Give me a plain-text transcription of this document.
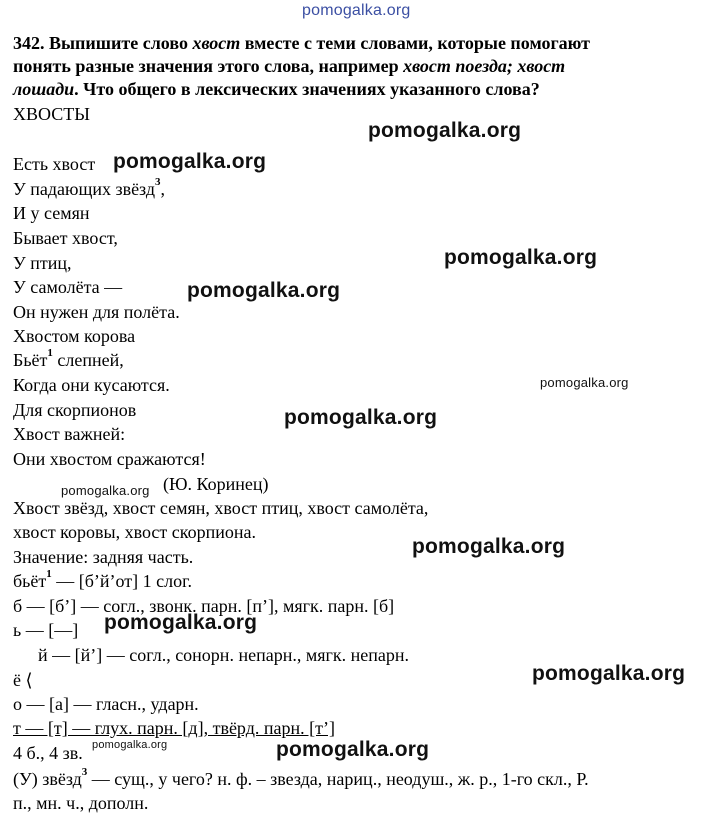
pomogalka.org
342. Выпишите слово хвост вместе с теми словами, которые помогают
понять разные значения этого слова, например хвост поезда; хвост
лошади. Что общего в лексических значениях указанного слова?
ХВОСТЫ
pomogalka.org
Есть хвост pomogalka.org
У падающих звёзд$^3$,
И у семян
Бывает хвост,
У птиц,	pomogalka.org
У самолёта —	pomogalka.org
Он нужен для полёта.
Хвостом корова
Бьёт$^1$ слепней,
Когда они кусаются.	pomogalka.org
Для скорпионов	pomogalka.org
Хвост важней:
Они хвостом сражаются!
pomogalka.org (Ю. Коринец)
Хвост звёзд, хвост семян, хвост птиц, хвост самолёта,
хвост коровы, хвост скорпиона.
pomogalka.org
Значение: задняя часть.
бьёт$^1$ — [б’й’от] 1 слог.
б — [б’] — согл., звонк. парн. [п’], мягк. парн. [б]
ь — [—] pomogalka.org
й — [й’] — согл., сонорн. непарн., мягк. непарн.
ё ⟨	pomogalka.org
о — [а] — гласн., ударн.
т — [т] — глух. парн. [д], твёрд. парн. [т’]
4 б., 4 зв. pomogalka.org	pomogalka.org
(У) звёзд$^3$ — сущ., у чего? н. ф. – звезда, нариц., неодуш., ж. р., 1-го скл., Р.
п., мн. ч., дополн.
